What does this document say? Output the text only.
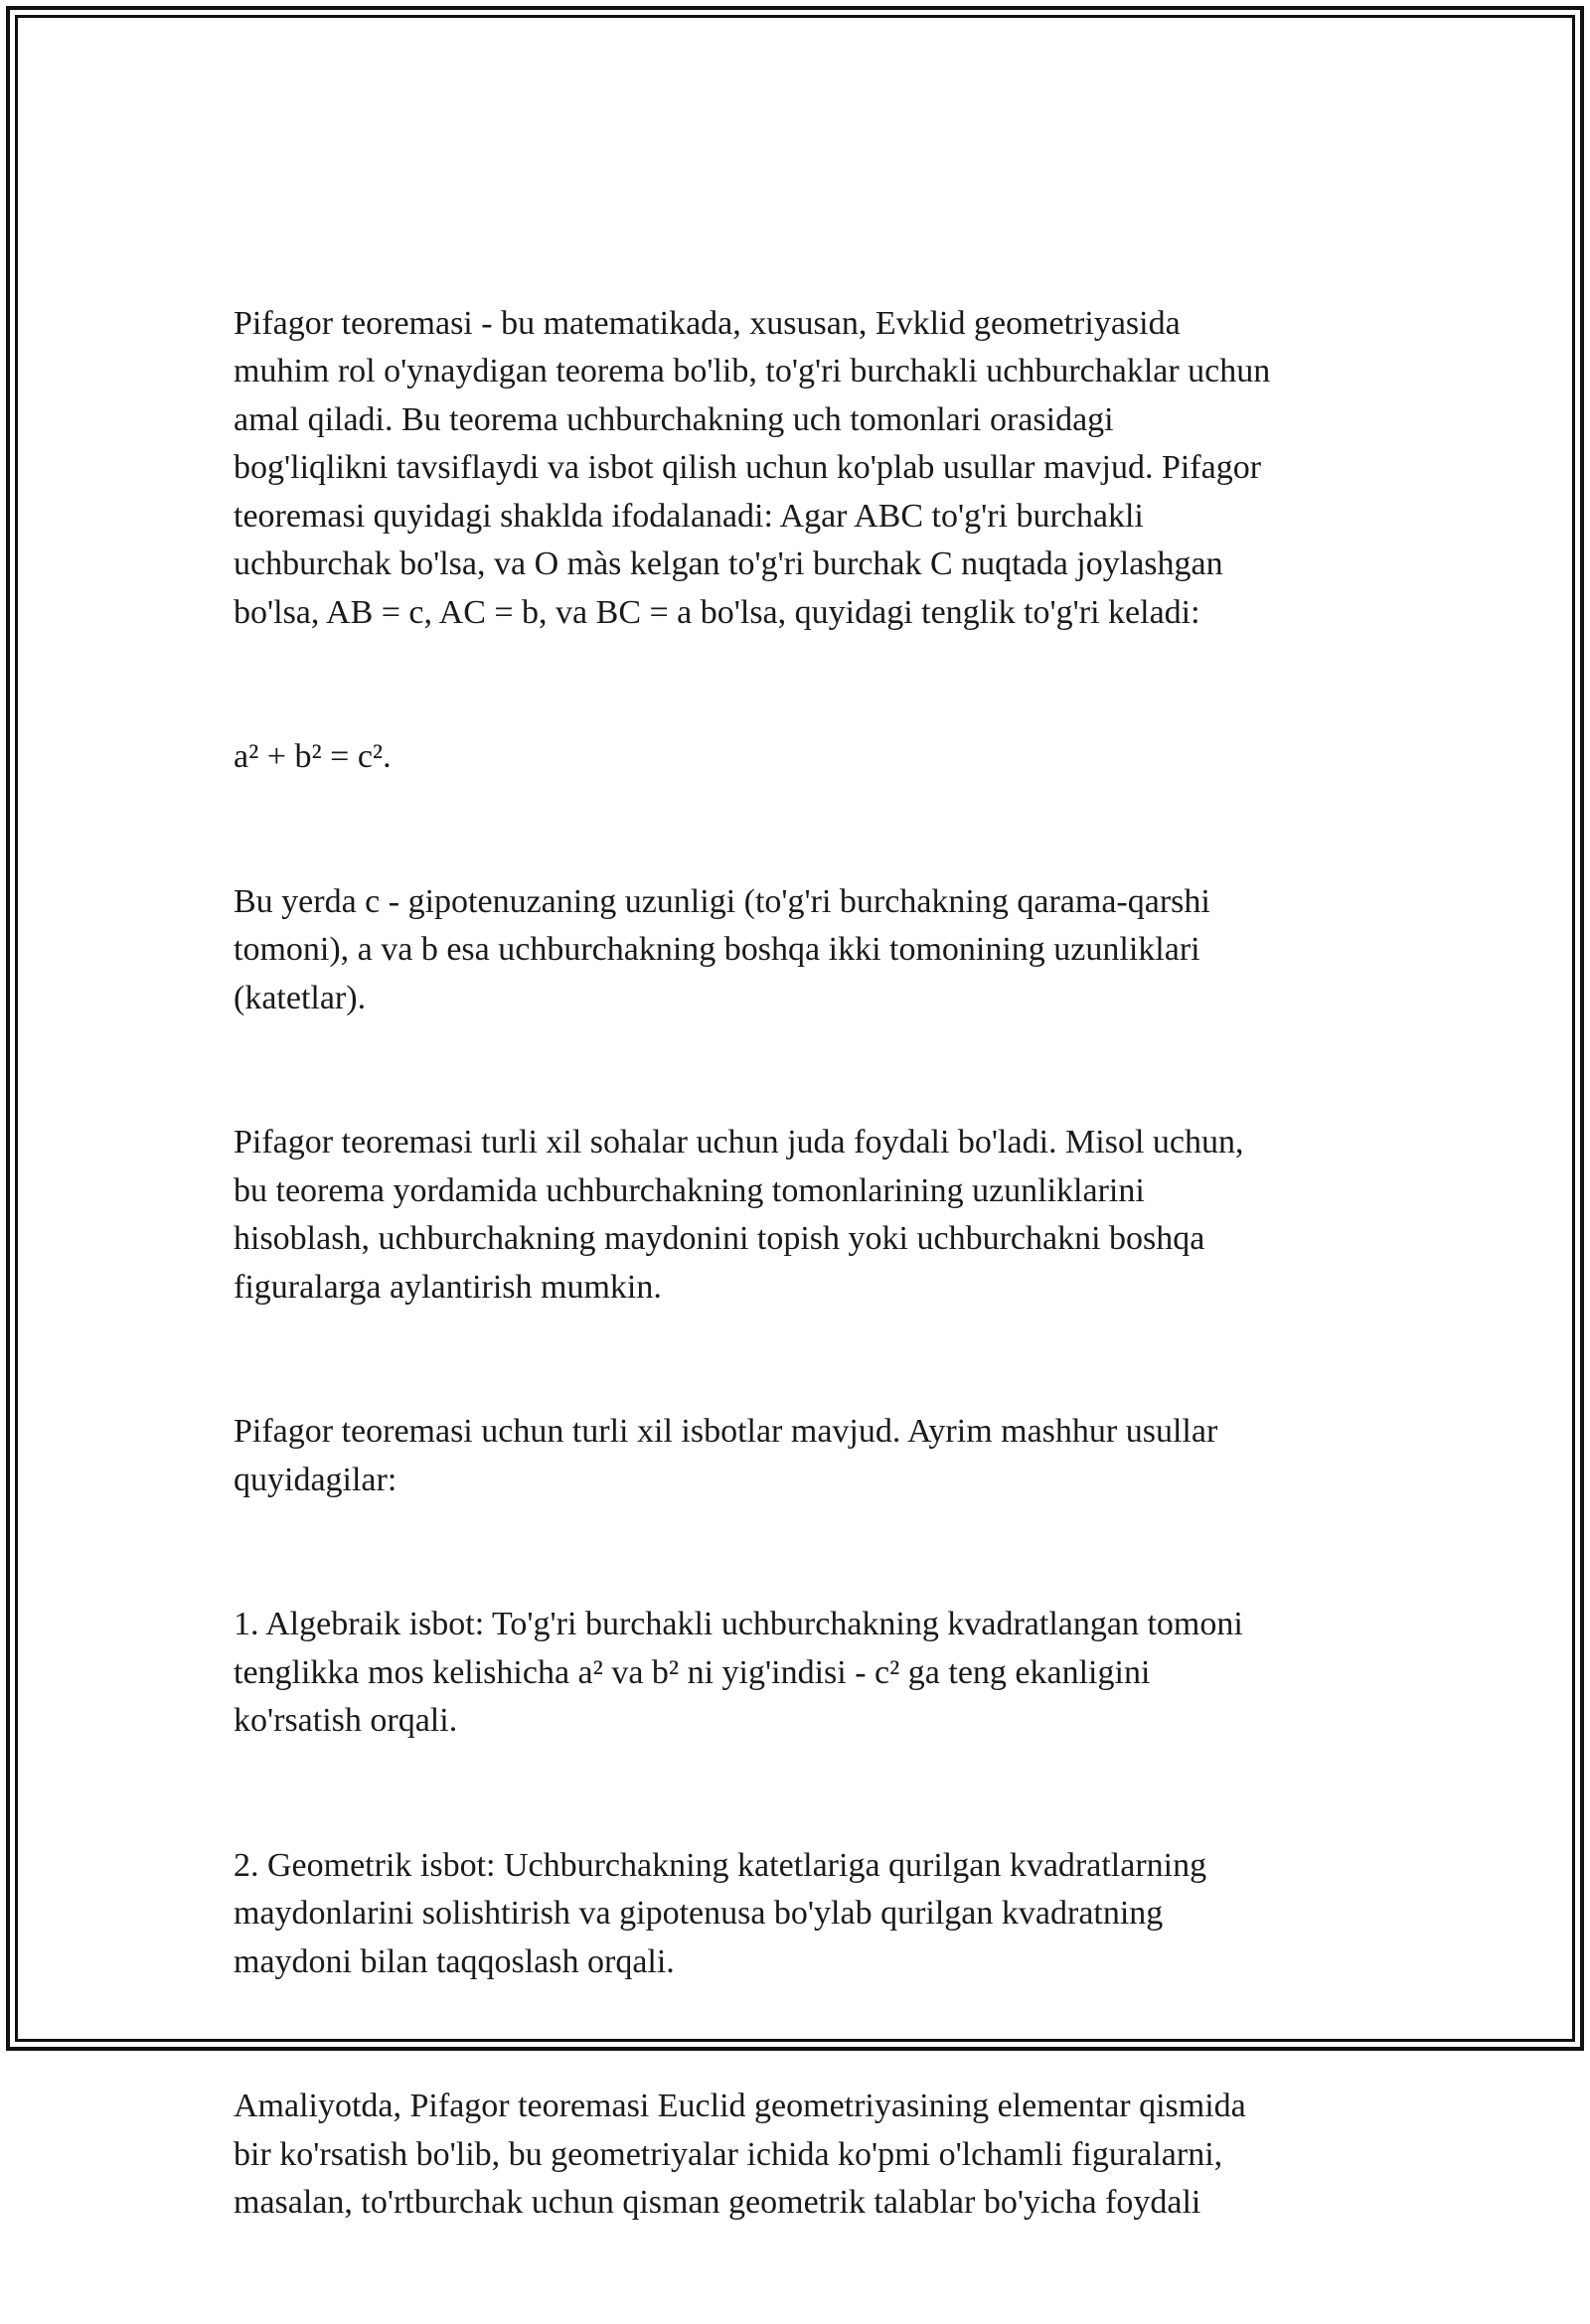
Pifagor teoremasi - bu matematikada, xususan, Evklid geometriyasida
muhim rol o'ynaydigan teorema bo'lib, to'g'ri burchakli uchburchaklar uchun
amal qiladi. Bu teorema uchburchakning uch tomonlari orasidagi
bog'liqlikni tavsiflaydi va isbot qilish uchun ko'plab usullar mavjud. Pifagor
teoremasi quyidagi shaklda ifodalanadi: Agar ABC to'g'ri burchakli
uchburchak bo'lsa, va O màs kelgan to'g'ri burchak C nuqtada joylashgan
bo'lsa, AB = c, AC = b, va BC = a bo'lsa, quyidagi tenglik to'g'ri keladi:

a² + b² = c².

Bu yerda c - gipotenuzaning uzunligi (to'g'ri burchakning qarama-qarshi
tomoni), a va b esa uchburchakning boshqa ikki tomonining uzunliklari
(katetlar).

Pifagor teoremasi turli xil sohalar uchun juda foydali bo'ladi. Misol uchun,
bu teorema yordamida uchburchakning tomonlarining uzunliklarini
hisoblash, uchburchakning maydonini topish yoki uchburchakni boshqa
figuralarga aylantirish mumkin.

Pifagor teoremasi uchun turli xil isbotlar mavjud. Ayrim mashhur usullar
quyidagilar:

1. Algebraik isbot: To'g'ri burchakli uchburchakning kvadratlangan tomoni
tenglikka mos kelishicha a² va b² ni yig'indisi - c² ga teng ekanligini
ko'rsatish orqali.

2. Geometrik isbot: Uchburchakning katetlariga qurilgan kvadratlarning
maydonlarini solishtirish va gipotenusa bo'ylab qurilgan kvadratning
maydoni bilan taqqoslash orqali.

Amaliyotda, Pifagor teoremasi Euclid geometriyasining elementar qismida
bir ko'rsatish bo'lib, bu geometriyalar ichida ko'pmi o'lchamli figuralarni,
masalan, to'rtburchak uchun qisman geometrik talablar bo'yicha foydali
